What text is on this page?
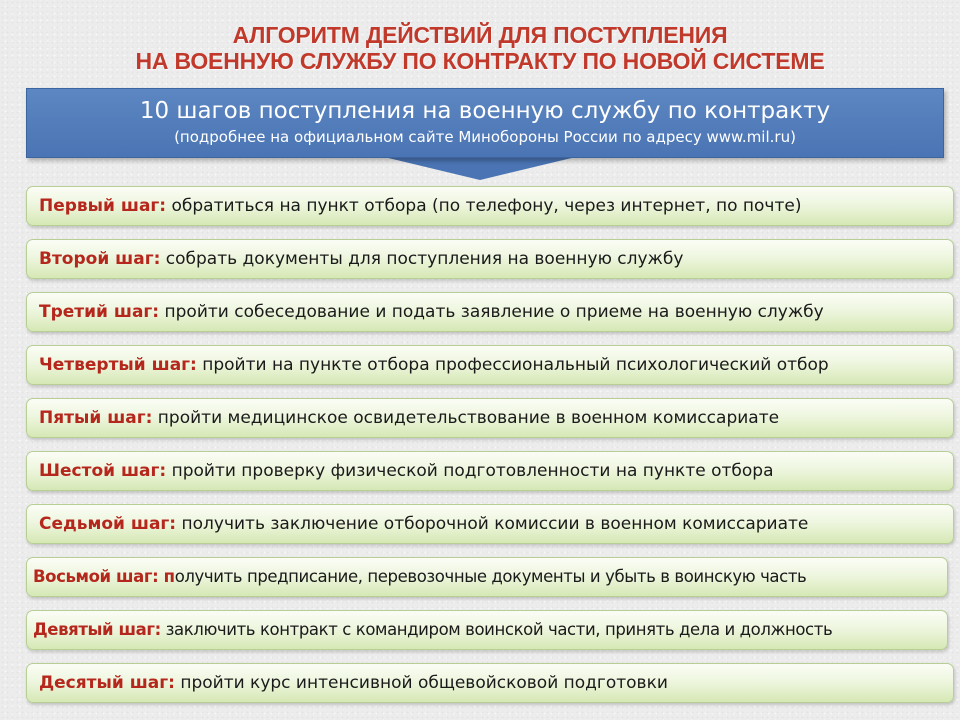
АЛГОРИТМ ДЕЙСТВИЙ ДЛЯ ПОСТУПЛЕНИЯ
НА ВОЕННУЮ СЛУЖБУ ПО КОНТРАКТУ ПО НОВОЙ СИСТЕМЕ
10 шагов поступления на военную службу по контракту
(подробнее на официальном сайте Минобороны России по адресу www.mil.ru)
Первый шаг: обратиться на пункт отбора (по телефону, через интернет, по почте)
Второй шаг: собрать документы для поступления на военную службу
Третий шаг: пройти собеседование и подать заявление о приеме на военную службу
Четвертый шаг: пройти на пункте отбора профессиональный психологический отбор
Пятый шаг: пройти медицинское освидетельствование в военном комиссариате
Шестой шаг: пройти проверку физической подготовленности на пункте отбора
Седьмой шаг: получить заключение отборочной комиссии в военном комиссариате
Восьмой шаг: получить предписание, перевозочные документы и убыть в воинскую часть
Девятый шаг: заключить контракт с командиром воинской части, принять дела и должность
Десятый шаг: пройти курс интенсивной общевойсковой подготовки
